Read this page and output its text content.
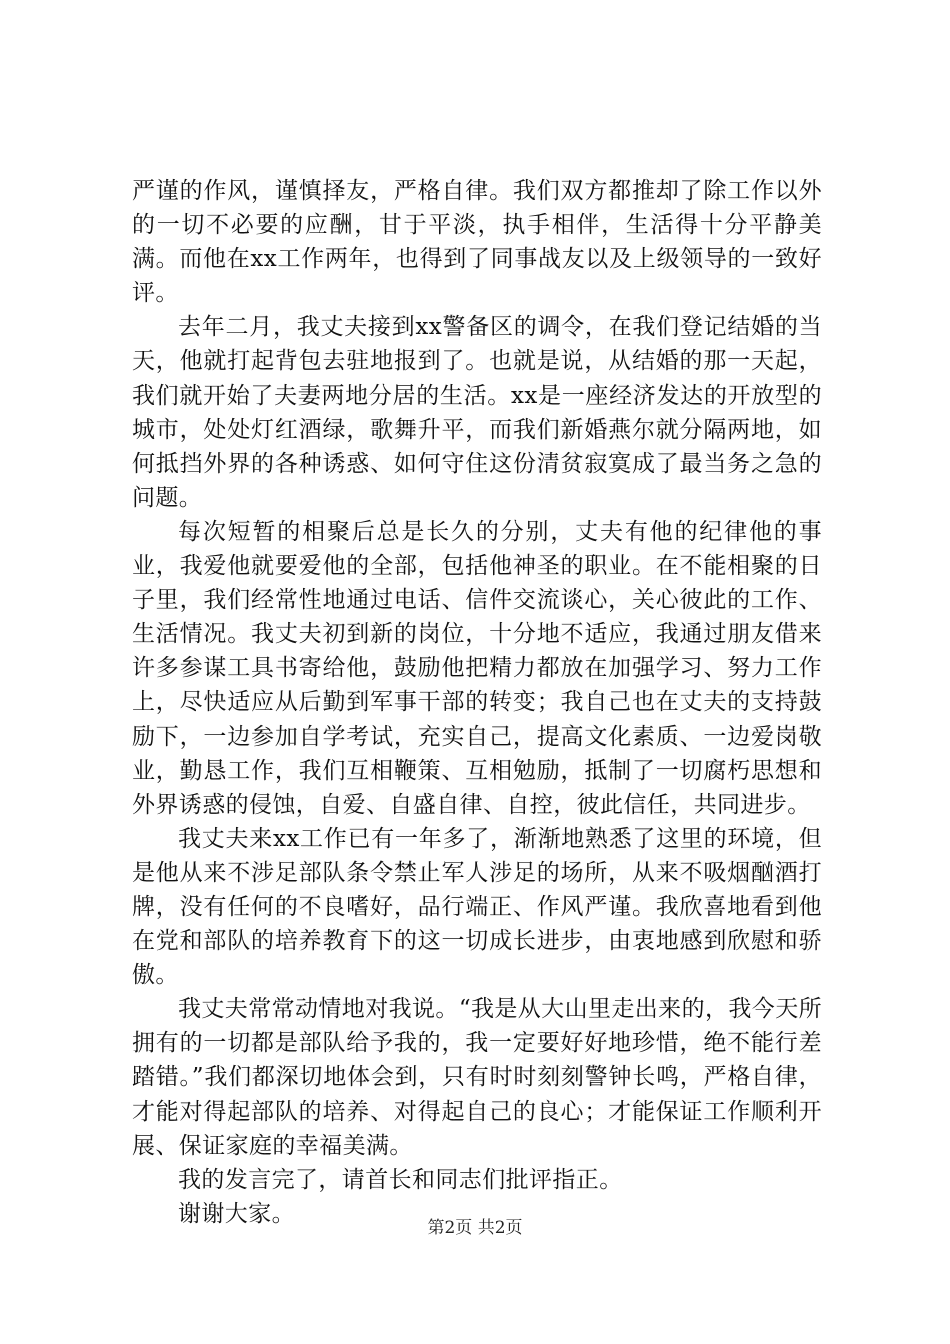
严谨的作风，谨慎择友，严格自律。我们双方都推却了除工作以外的一切不必要的应酬，甘于平淡，执手相伴，生活得十分平静美满。而他在xx工作两年，也得到了同事战友以及上级领导的一致好评。

去年二月，我丈夫接到xx警备区的调令，在我们登记结婚的当天，他就打起背包去驻地报到了。也就是说，从结婚的那一天起，我们就开始了夫妻两地分居的生活。xx是一座经济发达的开放型的城市，处处灯红酒绿，歌舞升平，而我们新婚燕尔就分隔两地，如何抵挡外界的各种诱惑、如何守住这份清贫寂寞成了最当务之急的问题。

每次短暂的相聚后总是长久的分别，丈夫有他的纪律他的事业，我爱他就要爱他的全部，包括他神圣的职业。在不能相聚的日子里，我们经常性地通过电话、信件交流谈心，关心彼此的工作、生活情况。我丈夫初到新的岗位，十分地不适应，我通过朋友借来许多参谋工具书寄给他，鼓励他把精力都放在加强学习、努力工作上，尽快适应从后勤到军事干部的转变；我自己也在丈夫的支持鼓励下，一边参加自学考试，充实自己，提高文化素质、一边爱岗敬业，勤恳工作，我们互相鞭策、互相勉励，抵制了一切腐朽思想和外界诱惑的侵蚀，自爱、自盛自律、自控，彼此信任，共同进步。

我丈夫来xx工作已有一年多了，渐渐地熟悉了这里的环境，但是他从来不涉足部队条令禁止军人涉足的场所，从来不吸烟酗酒打牌，没有任何的不良嗜好，品行端正、作风严谨。我欣喜地看到他在党和部队的培养教育下的这一切成长进步，由衷地感到欣慰和骄傲。

我丈夫常常动情地对我说。“我是从大山里走出来的，我今天所拥有的一切都是部队给予我的，我一定要好好地珍惜，绝不能行差踏错。”我们都深切地体会到，只有时时刻刻警钟长鸣，严格自律，才能对得起部队的培养、对得起自己的良心；才能保证工作顺利开展、保证家庭的幸福美满。

我的发言完了，请首长和同志们批评指正。

谢谢大家。

第2页 共2页
